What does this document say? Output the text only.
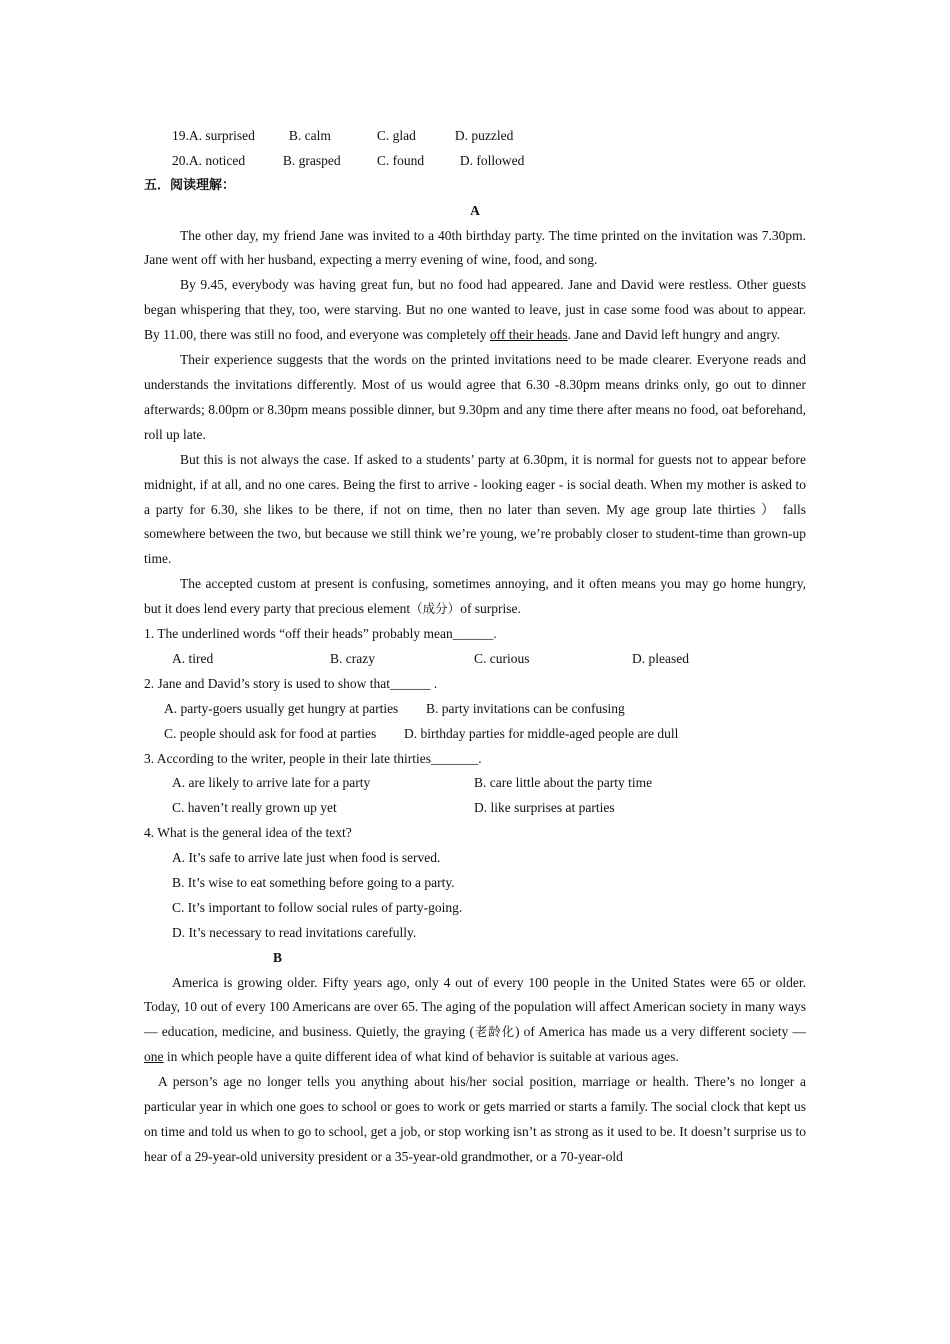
19.A. surprised	B. calm	C. glad	D. puzzled
20.A. noticed	B. grasped	C. found	D. followed
五．阅读理解：
A

The other day, my friend Jane was invited to a 40th birthday party. The time printed on the invitation was 7.30pm. Jane went off with her husband, expecting a merry evening of wine, food, and song.

By 9.45, everybody was having great fun, but no food had appeared. Jane and David were restless. Other guests began whispering that they, too, were starving. But no one wanted to leave, just in case some food was about to appear. By 11.00, there was still no food, and everyone was completely off their heads. Jane and David left hungry and angry.

Their experience suggests that the words on the printed invitations need to be made clearer. Everyone reads and understands the invitations differently. Most of us would agree that 6.30 -8.30pm means drinks only, go out to dinner afterwards; 8.00pm or 8.30pm means possible dinner, but 9.30pm and any time there after means no food, oat beforehand, roll up late.

But this is not always the case. If asked to a students’ party at 6.30pm, it is normal for guests not to appear before midnight, if at all, and no one cares. Being the first to arrive - looking eager - is social death. When my mother is asked to a party for 6.30, she likes to be there, if not on time, then no later than seven. My age group late thirties ） falls somewhere between the two, but because we still think we’re young, we’re probably closer to student-time than grown-up time.

The accepted custom at present is confusing, sometimes annoying, and it often means you may go home hungry, but it does lend every party that precious element（成分）of surprise.

1. The underlined words “off their heads” probably mean______.
A. tired	B. crazy	C. curious	D. pleased
2. Jane and David’s story is used to show that______ .
A. party-goers usually get hungry at parties	B. party invitations can be confusing
C. people should ask for food at parties	D. birthday parties for middle-aged people are dull
3. According to the writer, people in their late thirties_______.
A. are likely to arrive late for a party	B. care little about the party time
C. haven’t really grown up yet	D. like surprises at parties
4. What is the general idea of the text?
A. It’s safe to arrive late just when food is served.
B. It’s wise to eat something before going to a party.
C. It’s important to follow social rules of party-going.
D. It’s necessary to read invitations carefully.
B

America is growing older. Fifty years ago, only 4 out of every 100 people in the United States were 65 or older. Today, 10 out of every 100 Americans are over 65. The aging of the population will affect American society in many ways — education, medicine, and business. Quietly, the graying (老龄化) of America has made us a very different society — one in which people have a quite different idea of what kind of behavior is suitable at various ages.

A person’s age no longer tells you anything about his/her social position, marriage or health. There’s no longer a particular year in which one goes to school or goes to work or gets married or starts a family. The social clock that kept us on time and told us when to go to school, get a job, or stop working isn’t as strong as it used to be. It doesn’t surprise us to hear of a 29-year-old university president or a 35-year-old grandmother, or a 70-year-old
